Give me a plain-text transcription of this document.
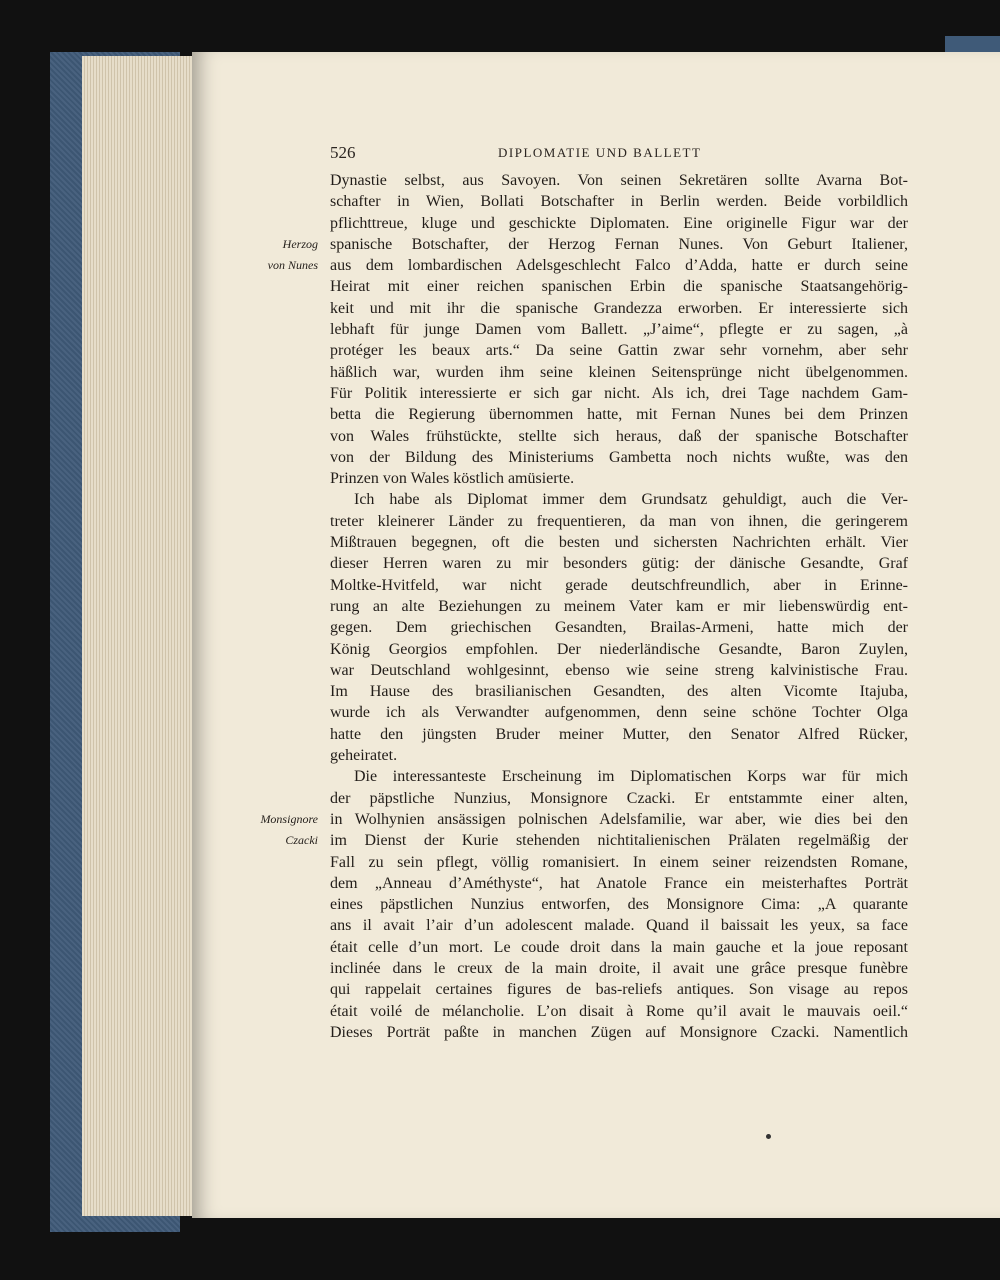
526	DIPLOMATIE UND BALLETT
Herzog
von Nunes
Monsignore
Czacki
Dynastie selbst, aus Savoyen. Von seinen Sekretären sollte Avarna Bot-
schafter in Wien, Bollati Botschafter in Berlin werden. Beide vorbildlich
pflichttreue, kluge und geschickte Diplomaten. Eine originelle Figur war der
spanische Botschafter, der Herzog Fernan Nunes. Von Geburt Italiener,
aus dem lombardischen Adelsgeschlecht Falco d’Adda, hatte er durch seine
Heirat mit einer reichen spanischen Erbin die spanische Staatsangehörig-
keit und mit ihr die spanische Grandezza erworben. Er interessierte sich
lebhaft für junge Damen vom Ballett. „J’aime“, pflegte er zu sagen, „à
protéger les beaux arts.“ Da seine Gattin zwar sehr vornehm, aber sehr
häßlich war, wurden ihm seine kleinen Seitensprünge nicht übelgenommen.
Für Politik interessierte er sich gar nicht. Als ich, drei Tage nachdem Gam-
betta die Regierung übernommen hatte, mit Fernan Nunes bei dem Prinzen
von Wales frühstückte, stellte sich heraus, daß der spanische Botschafter
von der Bildung des Ministeriums Gambetta noch nichts wußte, was den
Prinzen von Wales köstlich amüsierte.
Ich habe als Diplomat immer dem Grundsatz gehuldigt, auch die Ver-
treter kleinerer Länder zu frequentieren, da man von ihnen, die geringerem
Mißtrauen begegnen, oft die besten und sichersten Nachrichten erhält. Vier
dieser Herren waren zu mir besonders gütig: der dänische Gesandte, Graf
Moltke-Hvitfeld, war nicht gerade deutschfreundlich, aber in Erinne-
rung an alte Beziehungen zu meinem Vater kam er mir liebenswürdig ent-
gegen. Dem griechischen Gesandten, Brailas-Armeni, hatte mich der
König Georgios empfohlen. Der niederländische Gesandte, Baron Zuylen,
war Deutschland wohlgesinnt, ebenso wie seine streng kalvinistische Frau.
Im Hause des brasilianischen Gesandten, des alten Vicomte Itajuba,
wurde ich als Verwandter aufgenommen, denn seine schöne Tochter Olga
hatte den jüngsten Bruder meiner Mutter, den Senator Alfred Rücker,
geheiratet.
Die interessanteste Erscheinung im Diplomatischen Korps war für mich
der päpstliche Nunzius, Monsignore Czacki. Er entstammte einer alten,
in Wolhynien ansässigen polnischen Adelsfamilie, war aber, wie dies bei den
im Dienst der Kurie stehenden nichtitalienischen Prälaten regelmäßig der
Fall zu sein pflegt, völlig romanisiert. In einem seiner reizendsten Romane,
dem „Anneau d’Améthyste“, hat Anatole France ein meisterhaftes Porträt
eines päpstlichen Nunzius entworfen, des Monsignore Cima: „A quarante
ans il avait l’air d’un adolescent malade. Quand il baissait les yeux, sa face
était celle d’un mort. Le coude droit dans la main gauche et la joue reposant
inclinée dans le creux de la main droite, il avait une grâce presque funèbre
qui rappelait certaines figures de bas-reliefs antiques. Son visage au repos
était voilé de mélancholie. L’on disait à Rome qu’il avait le mauvais oeil.“
Dieses Porträt paßte in manchen Zügen auf Monsignore Czacki. Namentlich
